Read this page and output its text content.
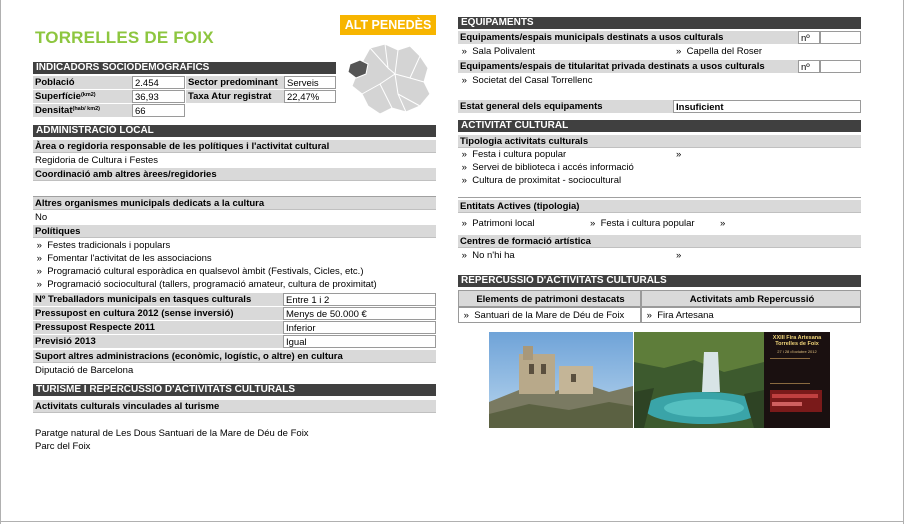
TORRELLES DE FOIX
ALT PENEDÈS
INDICADORS SOCIODEMOGRÀFICS
Població	2.454	Sector predominant Serveis
Superfície$^{(km2)}$	36,93	Taxa Atur registrat	22,47%
Densitat$^{(hab/ km2)}$	66
ADMINISTRACIÓ LOCAL
Àrea o regidoria responsable de les polítiques i l'activitat cultural
Regidoria de Cultura i Festes
Coordinació amb altres àrees/regidories
Altres organismes municipals dedicats a la cultura
No
Polítiques
» Festes tradicionals i populars
» Fomentar l'activitat de les associacions
» Programació cultural esporàdica en qualsevol àmbit (Festivals, Cicles, etc.)
» Programació sociocultural (tallers, programació amateur, cultura de proximitat)
Nº Treballadors municipals en tasques culturals	Entre 1 i 2
Pressupost en cultura 2012 (sense inversió)	Menys de 50.000 €
Pressupost Respecte 2011	Inferior
Previsió 2013	Igual
Suport altres administracions (econòmic, logístic, o altre) en cultura
Diputació de Barcelona
TURISME I REPERCUSSIÓ D'ACTIVITATS CULTURALS
Activitats culturals vinculades al turisme
Paratge natural de Les Dous Santuari de la Mare de Déu de Foix
Parc del Foix
EQUIPAMENTS
Equipaments/espais municipals destinats a usos culturals	nº
» Sala Polivalent	» Capella del Roser
Equipaments/espais de titularitat privada destinats a usos culturals	nº
» Societat del Casal Torrellenc
Estat general dels equipaments	Insuficient
ACTIVITAT CULTURAL
Tipologia activitats culturals
» Festa i cultura popular	»
» Servei de biblioteca i accés informació
» Cultura de proximitat - sociocultural
Entitats Actives (tipologia)
» Patrimoni local	» Festa i cultura popular	»
Centres de formació artística
» No n'hi ha	»
REPERCUSSIÓ D'ACTIVITATS CULTURALS
Elements de patrimoni destacats	Activitats amb Repercussió
» Santuari de la Mare de Déu de Foix	» Fira Artesana
XXIII Fira Artesana Torrelles de Foix
27 i 28 d'octubre 2012
